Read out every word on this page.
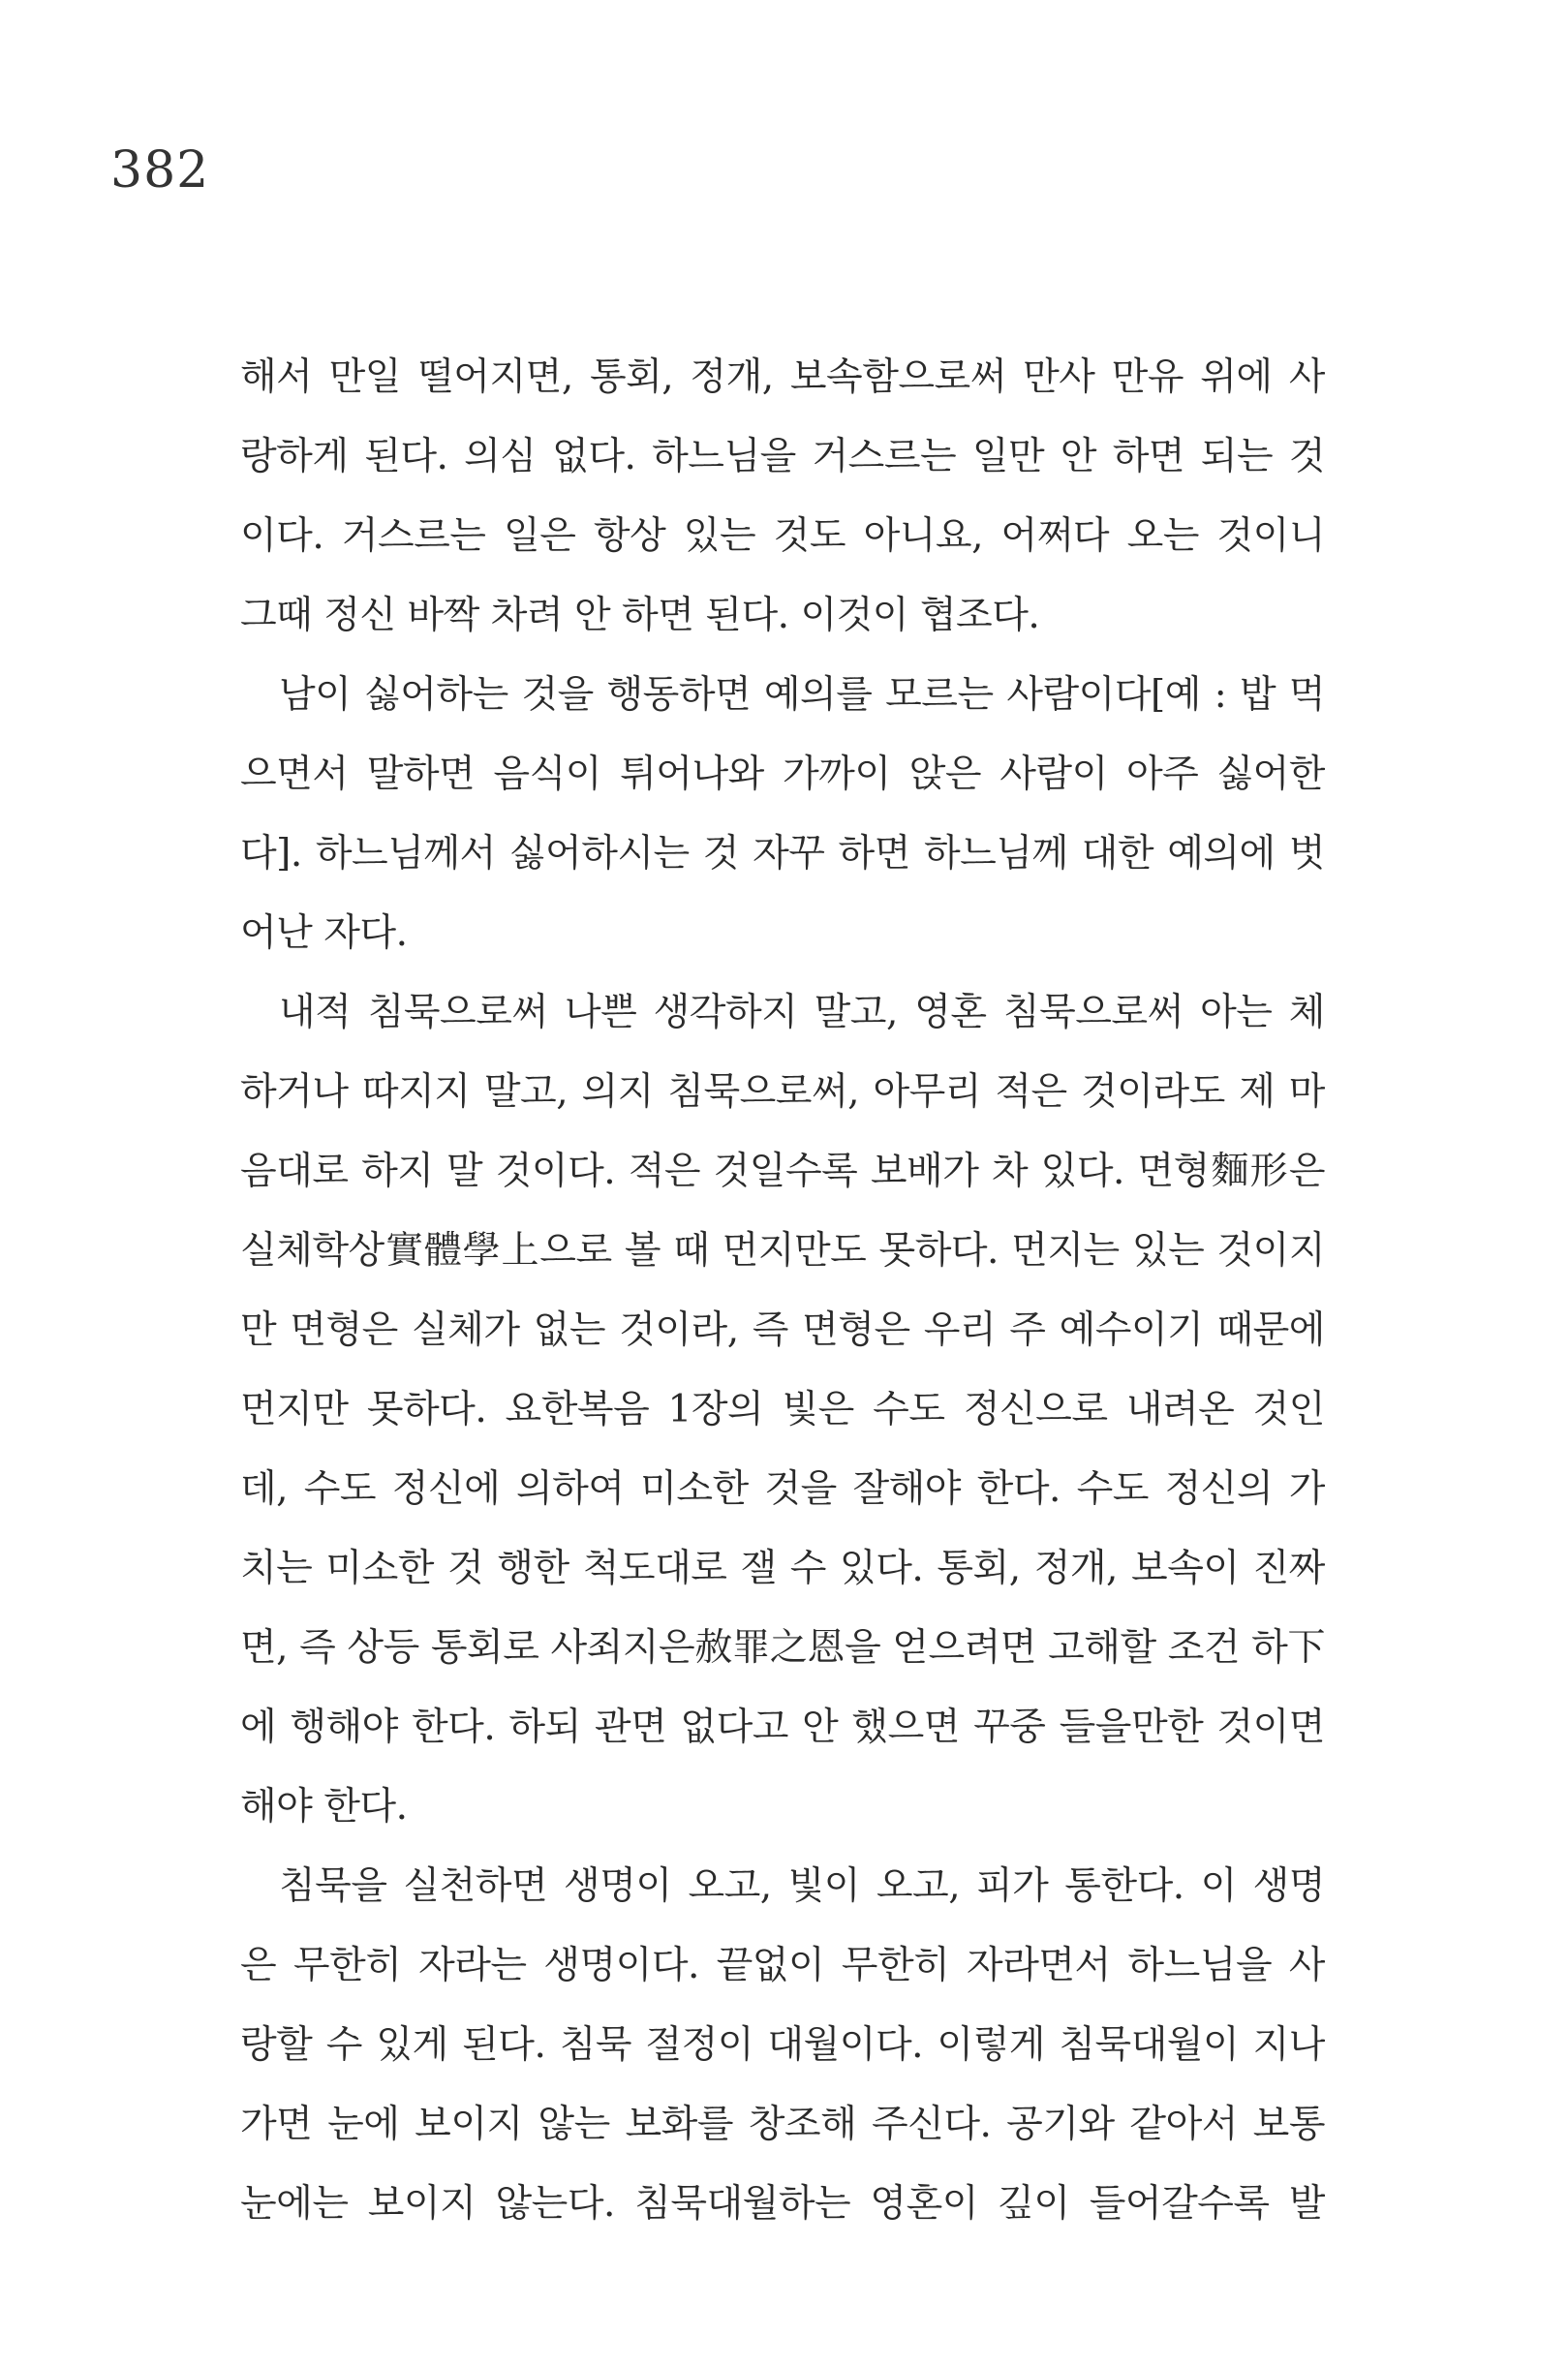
382
해서 만일 떨어지면, 통회, 정개, 보속함으로써 만사 만유 위에 사
랑하게 된다. 의심 없다. 하느님을 거스르는 일만 안 하면 되는 것
이다. 거스르는 일은 항상 있는 것도 아니요, 어쩌다 오는 것이니
그때 정신 바짝 차려 안 하면 된다. 이것이 협조다.
남이 싫어하는 것을 행동하면 예의를 모르는 사람이다[예 : 밥 먹
으면서 말하면 음식이 튀어나와 가까이 앉은 사람이 아주 싫어한
다]. 하느님께서 싫어하시는 것 자꾸 하면 하느님께 대한 예의에 벗
어난 자다.
내적 침묵으로써 나쁜 생각하지 말고, 영혼 침묵으로써 아는 체
하거나 따지지 말고, 의지 침묵으로써, 아무리 적은 것이라도 제 마
음대로 하지 말 것이다. 적은 것일수록 보배가 차 있다. 면형麵形은
실체학상實體學上으로 볼 때 먼지만도 못하다. 먼지는 있는 것이지
만 면형은 실체가 없는 것이라, 즉 면형은 우리 주 예수이기 때문에
먼지만 못하다. 요한복음 1장의 빛은 수도 정신으로 내려온 것인
데, 수도 정신에 의하여 미소한 것을 잘해야 한다. 수도 정신의 가
치는 미소한 것 행한 척도대로 잴 수 있다. 통회, 정개, 보속이 진짜
면, 즉 상등 통회로 사죄지은赦罪之恩을 얻으려면 고해할 조건 하下
에 행해야 한다. 하되 관면 없다고 안 했으면 꾸중 들을만한 것이면
해야 한다.
침묵을 실천하면 생명이 오고, 빛이 오고, 피가 통한다. 이 생명
은 무한히 자라는 생명이다. 끝없이 무한히 자라면서 하느님을 사
랑할 수 있게 된다. 침묵 절정이 대월이다. 이렇게 침묵대월이 지나
가면 눈에 보이지 않는 보화를 창조해 주신다. 공기와 같아서 보통
눈에는 보이지 않는다. 침묵대월하는 영혼이 깊이 들어갈수록 발
